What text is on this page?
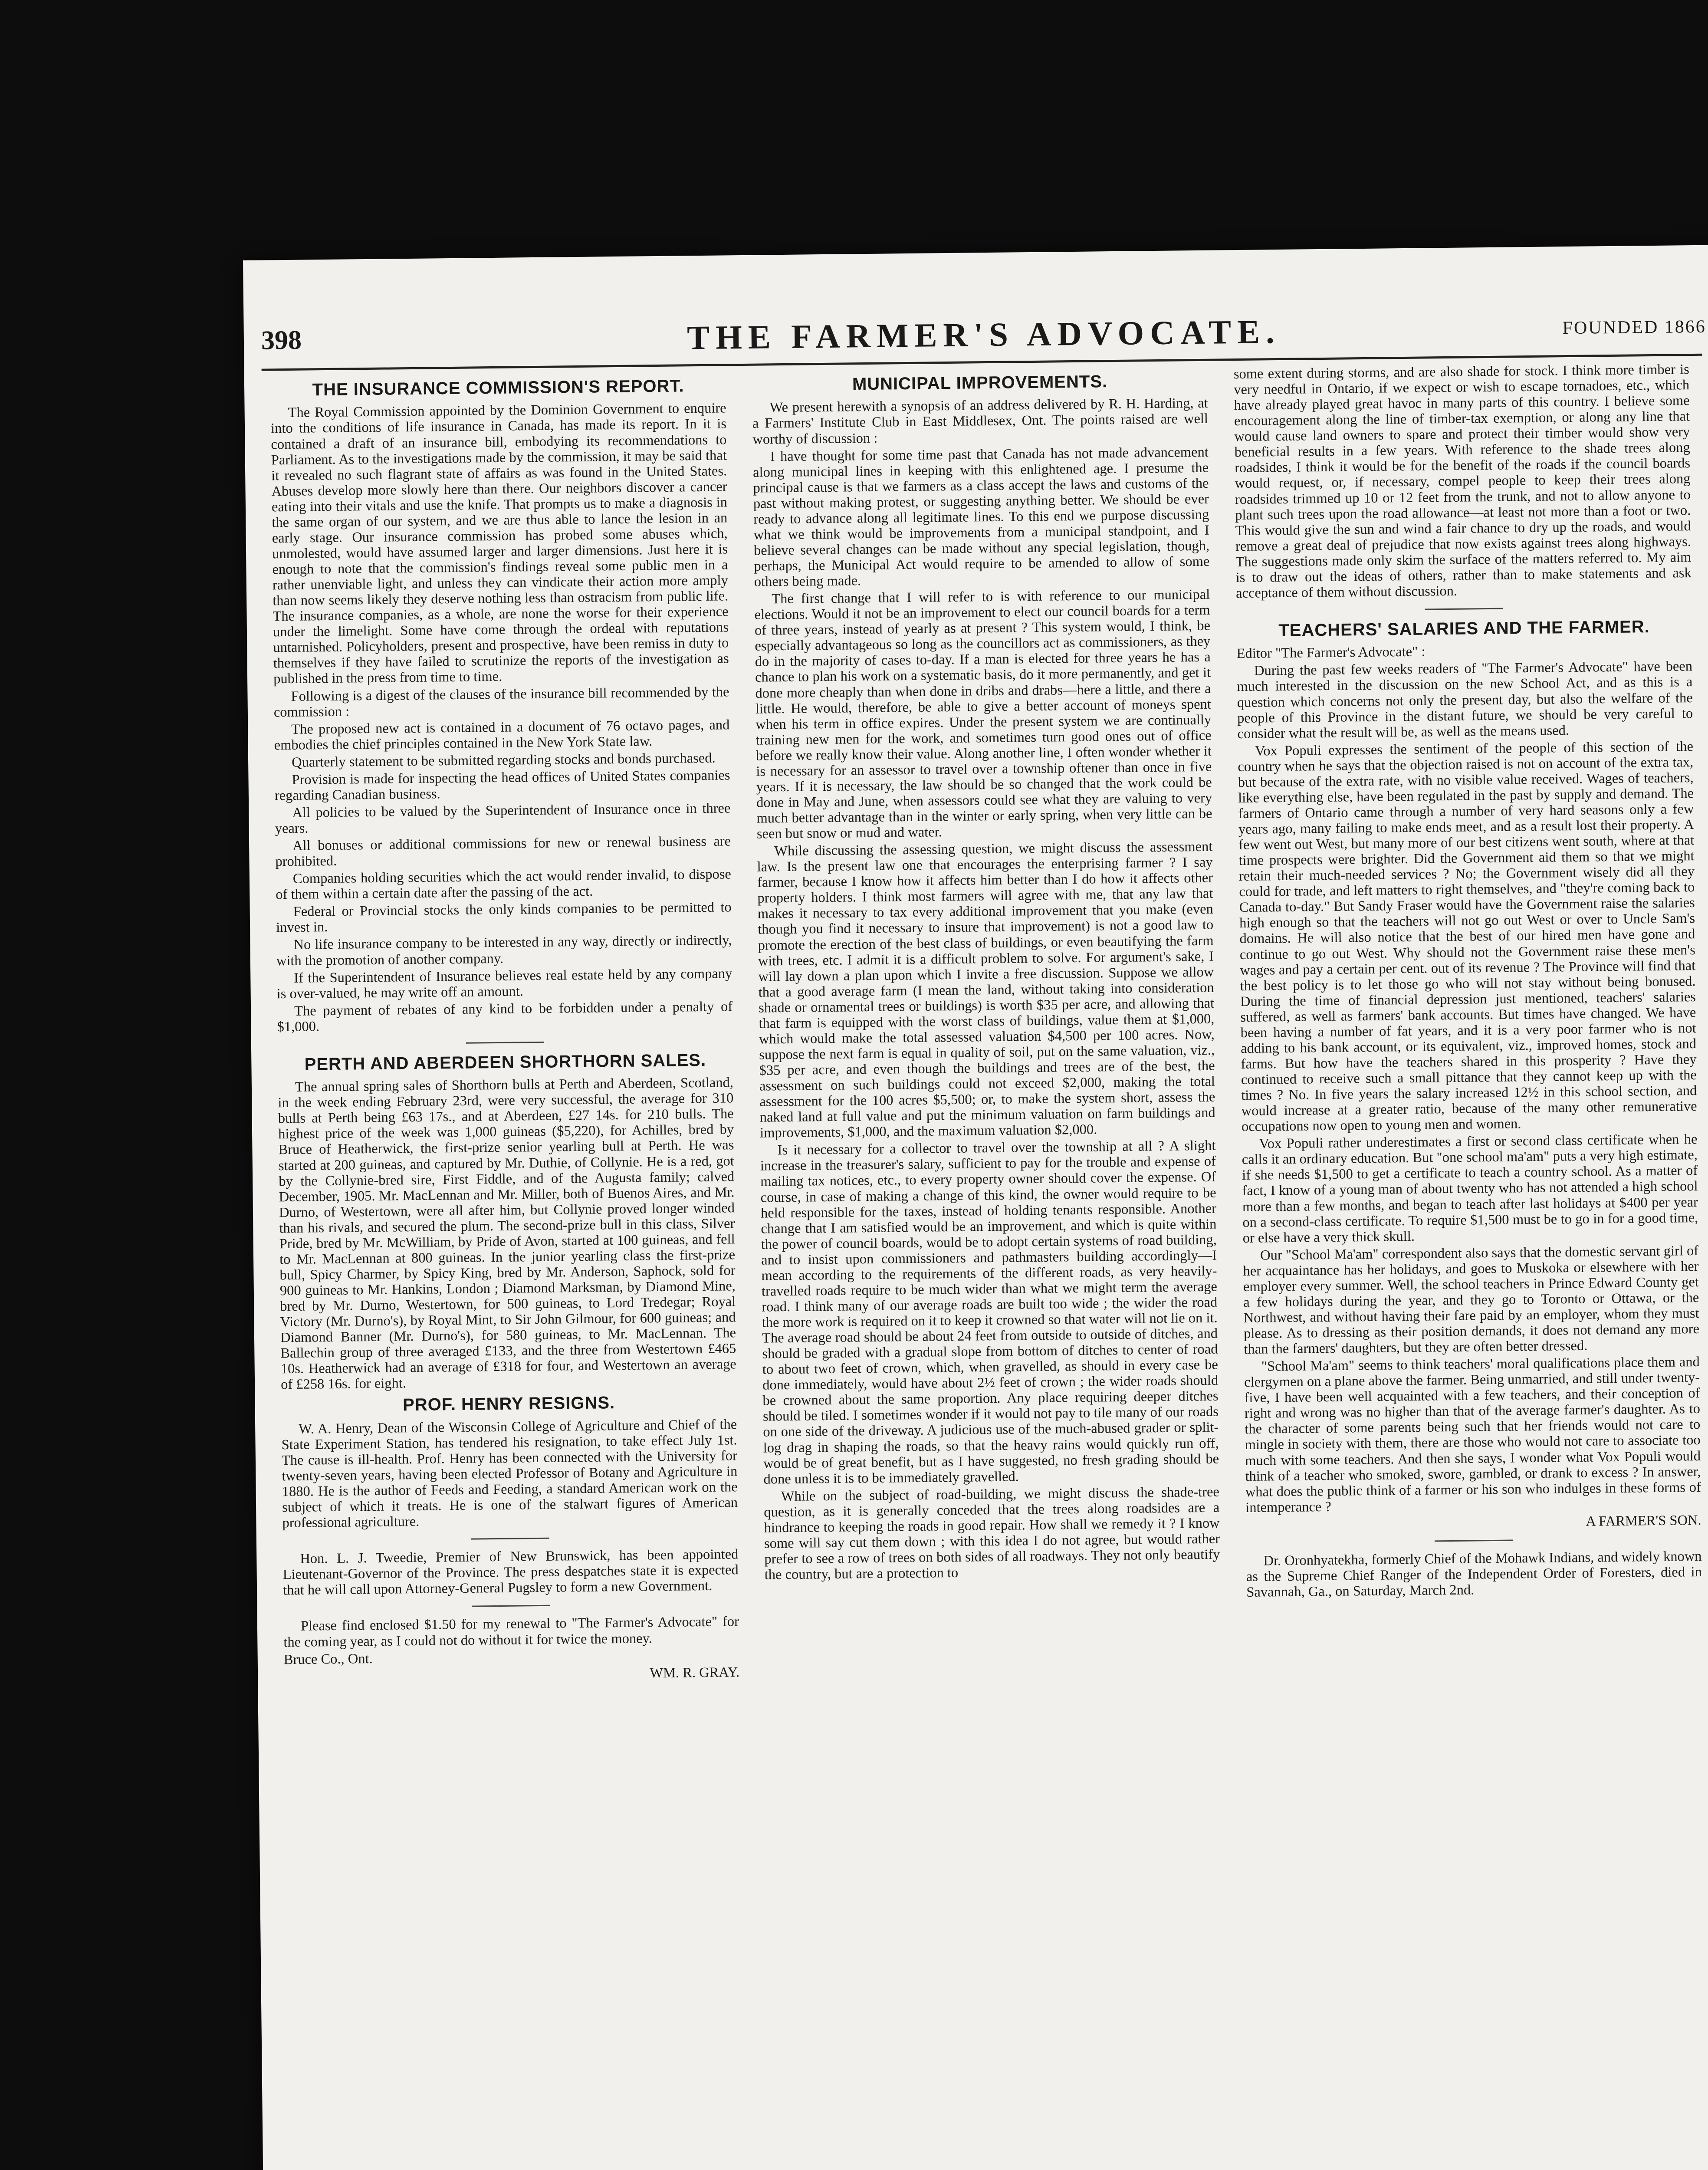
398	THE FARMER'S ADVOCATE.	FOUNDED 1866
THE INSURANCE COMMISSION'S REPORT.

The Royal Commission appointed by the Dominion Government to enquire into the conditions of life insurance in Canada, has made its report. In it is contained a draft of an insurance bill, embodying its recommendations to Parliament. As to the investigations made by the commission, it may be said that it revealed no such flagrant state of affairs as was found in the United States. Abuses develop more slowly here than there. Our neighbors discover a cancer eating into their vitals and use the knife. That prompts us to make a diagnosis in the same organ of our system, and we are thus able to lance the lesion in an early stage. Our insurance commission has probed some abuses which, unmolested, would have assumed larger and larger dimensions. Just here it is enough to note that the commission's findings reveal some public men in a rather unenviable light, and unless they can vindicate their action more amply than now seems likely they deserve nothing less than ostracism from public life. The insurance companies, as a whole, are none the worse for their experience under the limelight. Some have come through the ordeal with reputations untarnished. Policyholders, present and prospective, have been remiss in duty to themselves if they have failed to scrutinize the reports of the investigation as published in the press from time to time.

Following is a digest of the clauses of the insurance bill recommended by the commission :

The proposed new act is contained in a document of 76 octavo pages, and embodies the chief principles contained in the New York State law.

Quarterly statement to be submitted regarding stocks and bonds purchased.

Provision is made for inspecting the head offices of United States companies regarding Canadian business.

All policies to be valued by the Superintendent of Insurance once in three years.

All bonuses or additional commissions for new or renewal business are prohibited.

Companies holding securities which the act would render invalid, to dispose of them within a certain date after the passing of the act.

Federal or Provincial stocks the only kinds companies to be permitted to invest in.

No life insurance company to be interested in any way, directly or indirectly, with the promotion of another company.

If the Superintendent of Insurance believes real estate held by any company is over-valued, he may write off an amount.

The payment of rebates of any kind to be forbidden under a penalty of $1,000.

PERTH AND ABERDEEN SHORTHORN SALES.

The annual spring sales of Shorthorn bulls at Perth and Aberdeen, Scotland, in the week ending February 23rd, were very successful, the average for 310 bulls at Perth being £63 17s., and at Aberdeen, £27 14s. for 210 bulls. The highest price of the week was 1,000 guineas ($5,220), for Achilles, bred by Bruce of Heatherwick, the first-prize senior yearling bull at Perth. He was started at 200 guineas, and captured by Mr. Duthie, of Collynie. He is a red, got by the Collynie-bred sire, First Fiddle, and of the Augusta family; calved December, 1905. Mr. MacLennan and Mr. Miller, both of Buenos Aires, and Mr. Durno, of Westertown, were all after him, but Collynie proved longer winded than his rivals, and secured the plum. The second-prize bull in this class, Silver Pride, bred by Mr. McWilliam, by Pride of Avon, started at 100 guineas, and fell to Mr. MacLennan at 800 guineas. In the junior yearling class the first-prize bull, Spicy Charmer, by Spicy King, bred by Mr. Anderson, Saphock, sold for 900 guineas to Mr. Hankins, London ; Diamond Marksman, by Diamond Mine, bred by Mr. Durno, Westertown, for 500 guineas, to Lord Tredegar; Royal Victory (Mr. Durno's), by Royal Mint, to Sir John Gilmour, for 600 guineas; and Diamond Banner (Mr. Durno's), for 580 guineas, to Mr. MacLennan. The Ballechin group of three averaged £133, and the three from Westertown £465 10s. Heatherwick had an average of £318 for four, and Westertown an average of £258 16s. for eight.

PROF. HENRY RESIGNS.

W. A. Henry, Dean of the Wisconsin College of Agriculture and Chief of the State Experiment Station, has tendered his resignation, to take effect July 1st. The cause is ill-health. Prof. Henry has been connected with the University for twenty-seven years, having been elected Professor of Botany and Agriculture in 1880. He is the author of Feeds and Feeding, a standard American work on the subject of which it treats. He is one of the stalwart figures of American professional agriculture.

Hon. L. J. Tweedie, Premier of New Brunswick, has been appointed Lieutenant-Governor of the Province. The press despatches state it is expected that he will call upon Attorney-General Pugsley to form a new Government.

Please find enclosed $1.50 for my renewal to "The Farmer's Advocate" for the coming year, as I could not do without it for twice the money.

Bruce Co., Ont.

WM. R. GRAY.

MUNICIPAL IMPROVEMENTS.

We present herewith a synopsis of an address delivered by R. H. Harding, at a Farmers' Institute Club in East Middlesex, Ont. The points raised are well worthy of discussion :

I have thought for some time past that Canada has not made advancement along municipal lines in keeping with this enlightened age. I presume the principal cause is that we farmers as a class accept the laws and customs of the past without making protest, or suggesting anything better. We should be ever ready to advance along all legitimate lines. To this end we purpose discussing what we think would be improvements from a municipal standpoint, and I believe several changes can be made without any special legislation, though, perhaps, the Municipal Act would require to be amended to allow of some others being made.

The first change that I will refer to is with reference to our municipal elections. Would it not be an improvement to elect our council boards for a term of three years, instead of yearly as at present ? This system would, I think, be especially advantageous so long as the councillors act as commissioners, as they do in the majority of cases to-day. If a man is elected for three years he has a chance to plan his work on a systematic basis, do it more permanently, and get it done more cheaply than when done in dribs and drabs—here a little, and there a little. He would, therefore, be able to give a better account of moneys spent when his term in office expires. Under the present system we are continually training new men for the work, and sometimes turn good ones out of office before we really know their value. Along another line, I often wonder whether it is necessary for an assessor to travel over a township oftener than once in five years. If it is necessary, the law should be so changed that the work could be done in May and June, when assessors could see what they are valuing to very much better advantage than in the winter or early spring, when very little can be seen but snow or mud and water.

While discussing the assessing question, we might discuss the assessment law. Is the present law one that encourages the enterprising farmer ? I say farmer, because I know how it affects him better than I do how it affects other property holders. I think most farmers will agree with me, that any law that makes it necessary to tax every additional improvement that you make (even though you find it necessary to insure that improvement) is not a good law to promote the erection of the best class of buildings, or even beautifying the farm with trees, etc. I admit it is a difficult problem to solve. For argument's sake, I will lay down a plan upon which I invite a free discussion. Suppose we allow that a good average farm (I mean the land, without taking into consideration shade or ornamental trees or buildings) is worth $35 per acre, and allowing that that farm is equipped with the worst class of buildings, value them at $1,000, which would make the total assessed valuation $4,500 per 100 acres. Now, suppose the next farm is equal in quality of soil, put on the same valuation, viz., $35 per acre, and even though the buildings and trees are of the best, the assessment on such buildings could not exceed $2,000, making the total assessment for the 100 acres $5,500; or, to make the system short, assess the naked land at full value and put the minimum valuation on farm buildings and improvements, $1,000, and the maximum valuation $2,000.

Is it necessary for a collector to travel over the township at all ? A slight increase in the treasurer's salary, sufficient to pay for the trouble and expense of mailing tax notices, etc., to every property owner should cover the expense. Of course, in case of making a change of this kind, the owner would require to be held responsible for the taxes, instead of holding tenants responsible. Another change that I am satisfied would be an improvement, and which is quite within the power of council boards, would be to adopt certain systems of road building, and to insist upon commissioners and pathmasters building accordingly—I mean according to the requirements of the different roads, as very heavily-travelled roads require to be much wider than what we might term the average road. I think many of our average roads are built too wide ; the wider the road the more work is required on it to keep it crowned so that water will not lie on it. The average road should be about 24 feet from outside to outside of ditches, and should be graded with a gradual slope from bottom of ditches to center of road to about two feet of crown, which, when gravelled, as should in every case be done immediately, would have about 2½ feet of crown ; the wider roads should be crowned about the same proportion. Any place requiring deeper ditches should be tiled. I sometimes wonder if it would not pay to tile many of our roads on one side of the driveway. A judicious use of the much-abused grader or split-log drag in shaping the roads, so that the heavy rains would quickly run off, would be of great benefit, but as I have suggested, no fresh grading should be done unless it is to be immediately gravelled.

While on the subject of road-building, we might discuss the shade-tree question, as it is generally conceded that the trees along roadsides are a hindrance to keeping the roads in good repair. How shall we remedy it ? I know some will say cut them down ; with this idea I do not agree, but would rather prefer to see a row of trees on both sides of all roadways. They not only beautify the country, but are a protection to

some extent during storms, and are also shade for stock. I think more timber is very needful in Ontario, if we expect or wish to escape tornadoes, etc., which have already played great havoc in many parts of this country. I believe some encouragement along the line of timber-tax exemption, or along any line that would cause land owners to spare and protect their timber would show very beneficial results in a few years. With reference to the shade trees along roadsides, I think it would be for the benefit of the roads if the council boards would request, or, if necessary, compel people to keep their trees along roadsides trimmed up 10 or 12 feet from the trunk, and not to allow anyone to plant such trees upon the road allowance—at least not more than a foot or two. This would give the sun and wind a fair chance to dry up the roads, and would remove a great deal of prejudice that now exists against trees along highways. The suggestions made only skim the surface of the matters referred to. My aim is to draw out the ideas of others, rather than to make statements and ask acceptance of them without discussion.

TEACHERS' SALARIES AND THE FARMER.

Editor "The Farmer's Advocate" :

During the past few weeks readers of "The Farmer's Advocate" have been much interested in the discussion on the new School Act, and as this is a question which concerns not only the present day, but also the welfare of the people of this Province in the distant future, we should be very careful to consider what the result will be, as well as the means used.

Vox Populi expresses the sentiment of the people of this section of the country when he says that the objection raised is not on account of the extra tax, but because of the extra rate, with no visible value received. Wages of teachers, like everything else, have been regulated in the past by supply and demand. The farmers of Ontario came through a number of very hard seasons only a few years ago, many failing to make ends meet, and as a result lost their property. A few went out West, but many more of our best citizens went south, where at that time prospects were brighter. Did the Government aid them so that we might retain their much-needed services ? No; the Government wisely did all they could for trade, and left matters to right themselves, and "they're coming back to Canada to-day." But Sandy Fraser would have the Government raise the salaries high enough so that the teachers will not go out West or over to Uncle Sam's domains. He will also notice that the best of our hired men have gone and continue to go out West. Why should not the Government raise these men's wages and pay a certain per cent. out of its revenue ? The Province will find that the best policy is to let those go who will not stay without being bonused. During the time of financial depression just mentioned, teachers' salaries suffered, as well as farmers' bank accounts. But times have changed. We have been having a number of fat years, and it is a very poor farmer who is not adding to his bank account, or its equivalent, viz., improved homes, stock and farms. But how have the teachers shared in this prosperity ? Have they continued to receive such a small pittance that they cannot keep up with the times ? No. In five years the salary increased 12½ in this school section, and would increase at a greater ratio, because of the many other remunerative occupations now open to young men and women.

Vox Populi rather underestimates a first or second class certificate when he calls it an ordinary education. But "one school ma'am" puts a very high estimate, if she needs $1,500 to get a certificate to teach a country school. As a matter of fact, I know of a young man of about twenty who has not attended a high school more than a few months, and began to teach after last holidays at $400 per year on a second-class certificate. To require $1,500 must be to go in for a good time, or else have a very thick skull.

Our "School Ma'am" correspondent also says that the domestic servant girl of her acquaintance has her holidays, and goes to Muskoka or elsewhere with her employer every summer. Well, the school teachers in Prince Edward County get a few holidays during the year, and they go to Toronto or Ottawa, or the Northwest, and without having their fare paid by an employer, whom they must please. As to dressing as their position demands, it does not demand any more than the farmers' daughters, but they are often better dressed.

"School Ma'am" seems to think teachers' moral qualifications place them and clergymen on a plane above the farmer. Being unmarried, and still under twenty-five, I have been well acquainted with a few teachers, and their conception of right and wrong was no higher than that of the average farmer's daughter. As to the character of some parents being such that her friends would not care to mingle in society with them, there are those who would not care to associate too much with some teachers. And then she says, I wonder what Vox Populi would think of a teacher who smoked, swore, gambled, or drank to excess ? In answer, what does the public think of a farmer or his son who indulges in these forms of intemperance ?

A FARMER'S SON.

Dr. Oronhyatekha, formerly Chief of the Mohawk Indians, and widely known as the Supreme Chief Ranger of the Independent Order of Foresters, died in Savannah, Ga., on Saturday, March 2nd.
